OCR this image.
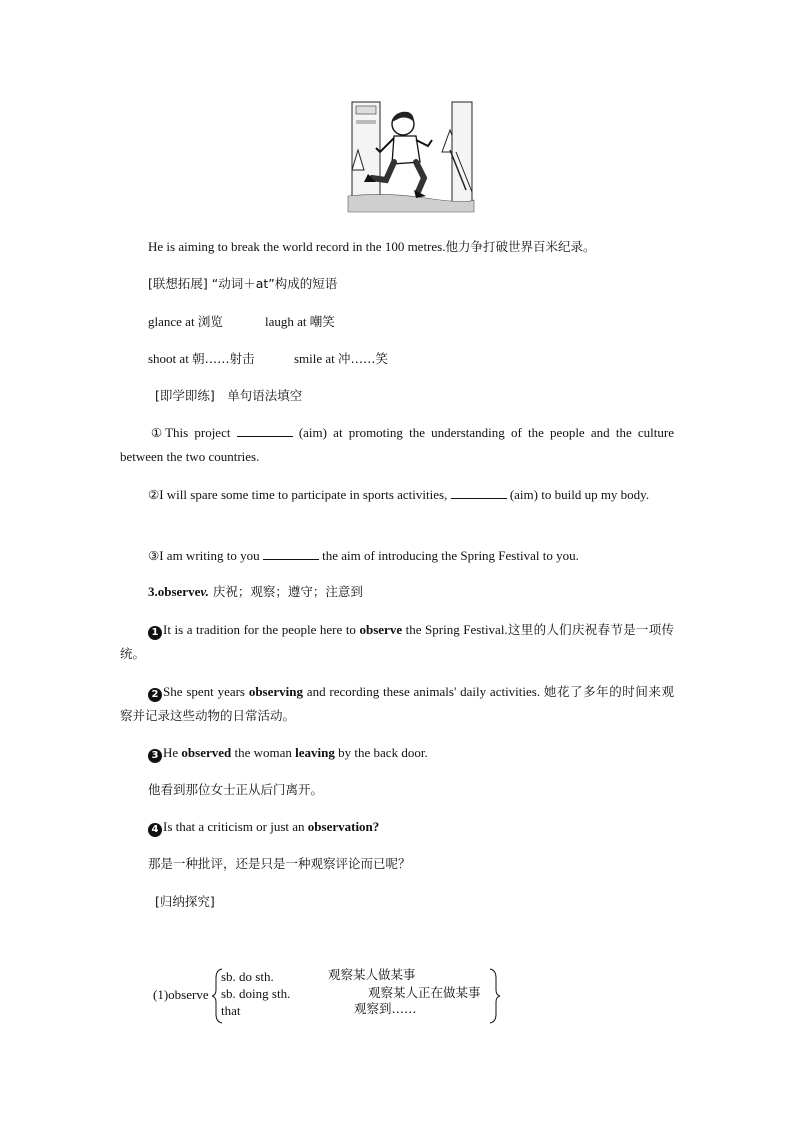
He is aiming to break the world record in the 100 metres.他力争打破世界百米纪录。
[联想拓展] “动词＋at”构成的短语
glance at 浏览	laugh at 嘲笑
shoot at 朝……射击	smile at 冲……笑
[即学即练]　单句语法填空
①This project	(aim) at promoting the understanding of the people and the culture between the two countries.
②I will spare some time to participate in sports activities,	(aim) to build up my body.
③I am writing to you	the aim of introducing the Spring Festival to you.
3.observev. 庆祝；观察；遵守；注意到
1 It is a tradition for the people here to observe the Spring Festival.这里的人们庆祝春节是一项传统。
2 She spent years observing and recording these animals' daily activities. 她花了多年的时间来观察并记录这些动物的日常活动。
3 He observed the woman leaving by the back door.
他看到那位女士正从后门离开。
4 Is that a criticism or just an observation?
那是一种批评，还是只是一种观察评论而已呢？
[归纳探究]
(1)observe
sb. do sth.	观察某人做某事
sb. doing sth.	观察某人正在做某事
that	观察到……
